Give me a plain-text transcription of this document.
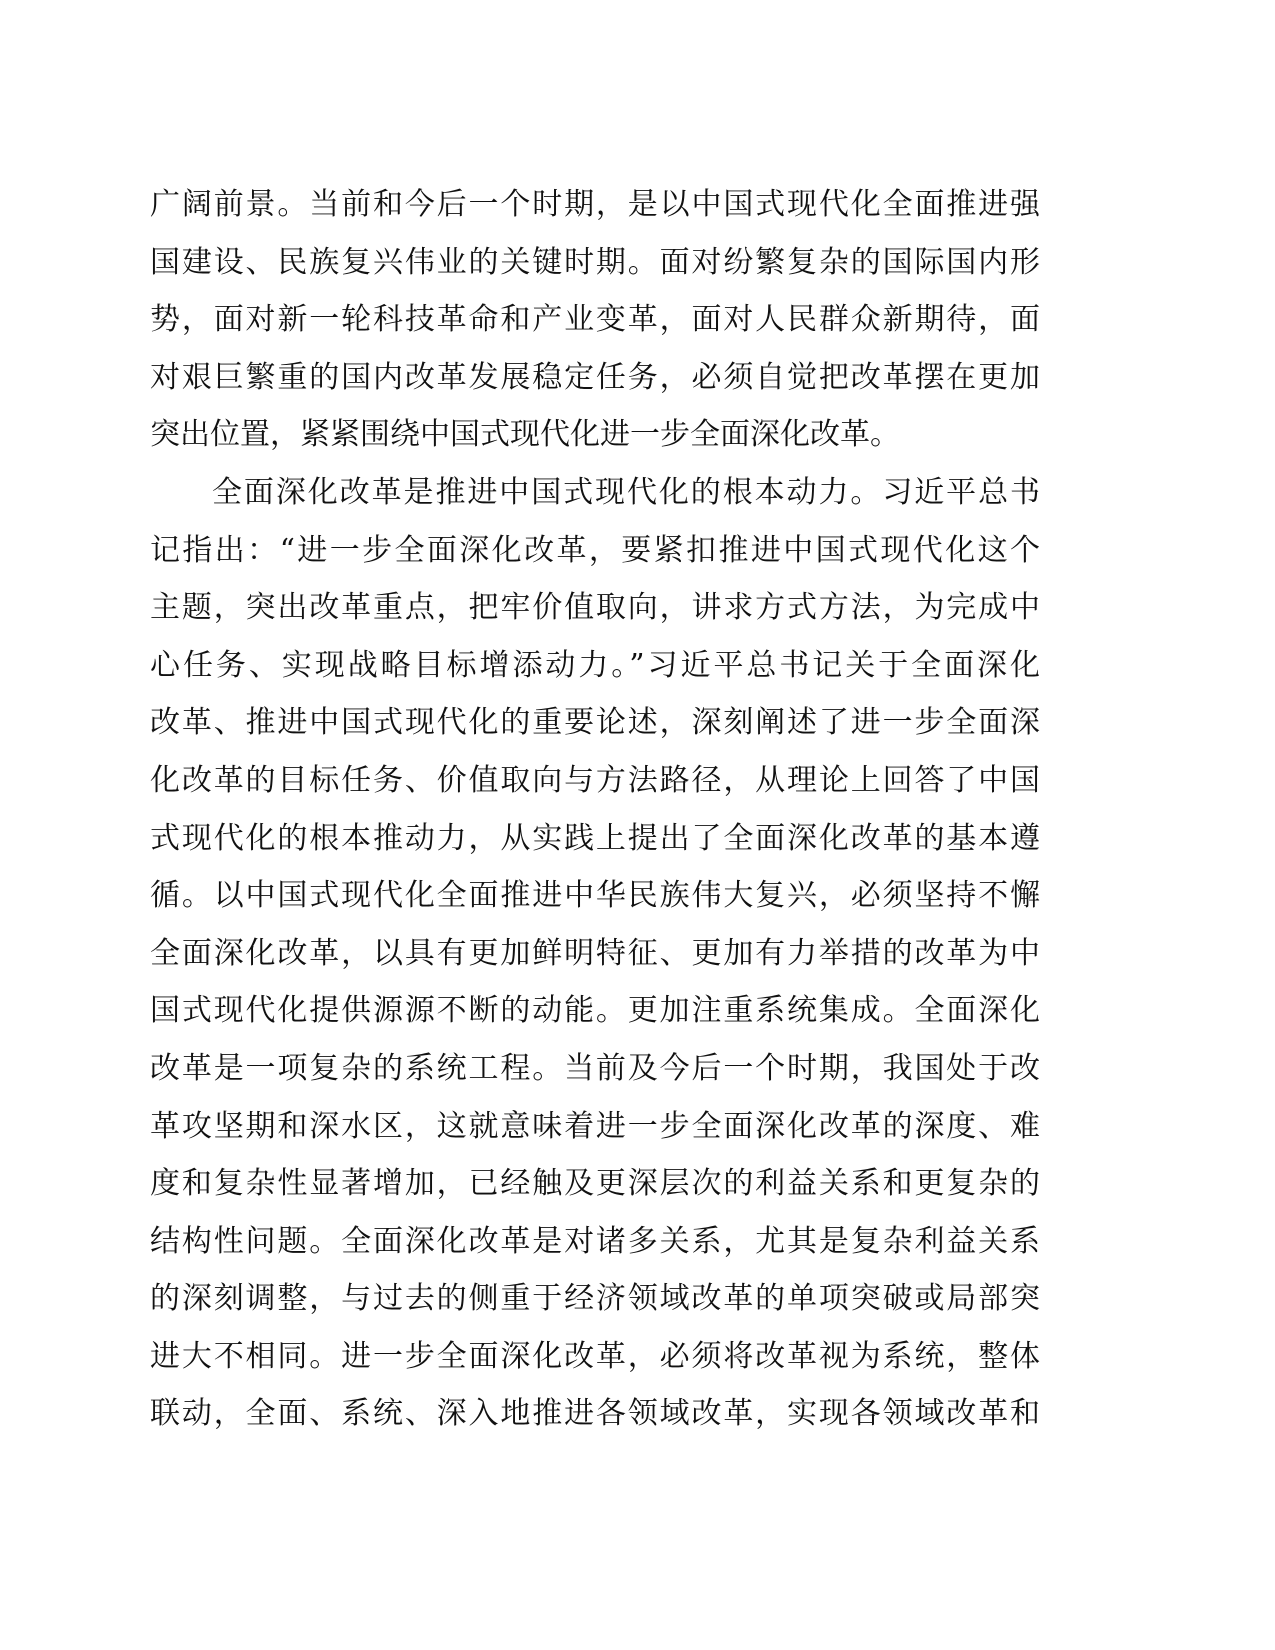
广阔前景。当前和今后一个时期，是以中国式现代化全面推进强
国建设、民族复兴伟业的关键时期。面对纷繁复杂的国际国内形
势，面对新一轮科技革命和产业变革，面对人民群众新期待，面
对艰巨繁重的国内改革发展稳定任务，必须自觉把改革摆在更加
突出位置，紧紧围绕中国式现代化进一步全面深化改革。
全面深化改革是推进中国式现代化的根本动力。习近平总书
记指出：“进一步全面深化改革，要紧扣推进中国式现代化这个
主题，突出改革重点，把牢价值取向，讲求方式方法，为完成中
心任务、实现战略目标增添动力。”习近平总书记关于全面深化
改革、推进中国式现代化的重要论述，深刻阐述了进一步全面深
化改革的目标任务、价值取向与方法路径，从理论上回答了中国
式现代化的根本推动力，从实践上提出了全面深化改革的基本遵
循。以中国式现代化全面推进中华民族伟大复兴，必须坚持不懈
全面深化改革，以具有更加鲜明特征、更加有力举措的改革为中
国式现代化提供源源不断的动能。更加注重系统集成。全面深化
改革是一项复杂的系统工程。当前及今后一个时期，我国处于改
革攻坚期和深水区，这就意味着进一步全面深化改革的深度、难
度和复杂性显著增加，已经触及更深层次的利益关系和更复杂的
结构性问题。全面深化改革是对诸多关系，尤其是复杂利益关系
的深刻调整，与过去的侧重于经济领域改革的单项突破或局部突
进大不相同。进一步全面深化改革，必须将改革视为系统，整体
联动，全面、系统、深入地推进各领域改革，实现各领域改革和
